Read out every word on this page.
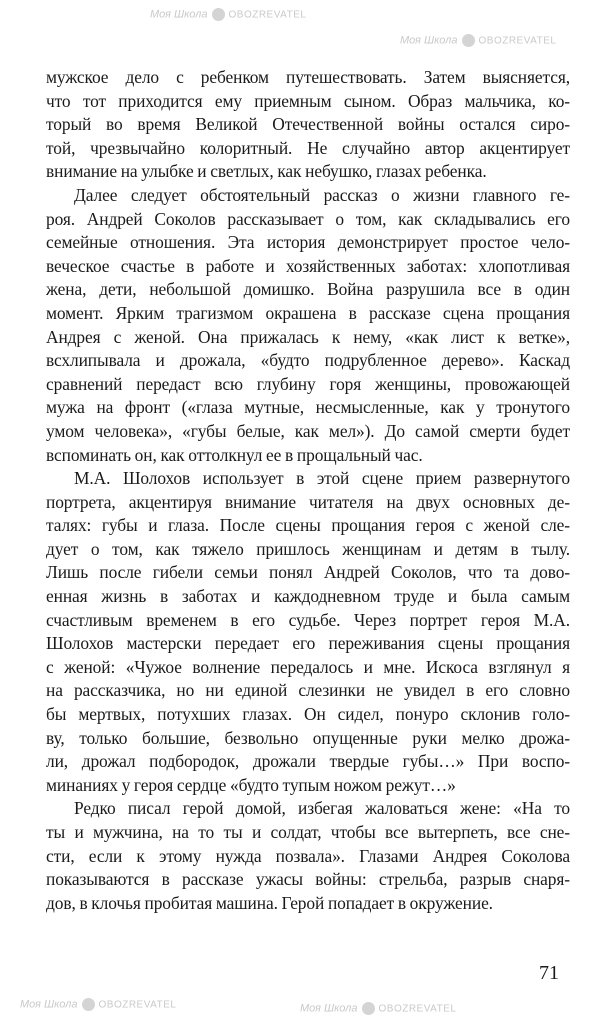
Моя Школа OBOZREVATEL
Моя Школа OBOZREVATEL
Моя Школа OBOZREVATEL	Моя Школа OBOZREVATEL
мужское дело с ребенком путешествовать. Затем выясняется,
что тот приходится ему приемным сыном. Образ мальчика, ко-
торый во время Великой Отечественной войны остался сиро-
той, чрезвычайно колоритный. Не случайно автор акцентирует
внимание на улыбке и светлых, как небушко, глазах ребенка.
Далее следует обстоятельный рассказ о жизни главного ге-
роя. Андрей Соколов рассказывает о том, как складывались его
семейные отношения. Эта история демонстрирует простое чело-
веческое счастье в работе и хозяйственных заботах: хлопотливая
жена, дети, небольшой домишко. Война разрушила все в один
момент. Ярким трагизмом окрашена в рассказе сцена прощания
Андрея с женой. Она прижалась к нему, «как лист к ветке»,
всхлипывала и дрожала, «будто подрубленное дерево». Каскад
сравнений передаст всю глубину горя женщины, провожающей
мужа на фронт («глаза мутные, несмысленные, как у тронутого
умом человека», «губы белые, как мел»). До самой смерти будет
вспоминать он, как оттолкнул ее в прощальный час.
М.А. Шолохов использует в этой сцене прием развернутого
портрета, акцентируя внимание читателя на двух основных де-
талях: губы и глаза. После сцены прощания героя с женой сле-
дует о том, как тяжело пришлось женщинам и детям в тылу.
Лишь после гибели семьи понял Андрей Соколов, что та дово-
енная жизнь в заботах и каждодневном труде и была самым
счастливым временем в его судьбе. Через портрет героя М.А.
Шолохов мастерски передает его переживания сцены прощания
с женой: «Чужое волнение передалось и мне. Искоса взглянул я
на рассказчика, но ни единой слезинки не увидел в его словно
бы мертвых, потухших глазах. Он сидел, понуро склонив голо-
ву, только большие, безвольно опущенные руки мелко дрожа-
ли, дрожал подбородок, дрожали твердые губы…» При воспо-
минаниях у героя сердце «будто тупым ножом режут…»
Редко писал герой домой, избегая жаловаться жене: «На то
ты и мужчина, на то ты и солдат, чтобы все вытерпеть, все сне-
сти, если к этому нужда позвала». Глазами Андрея Соколова
показываются в рассказе ужасы войны: стрельба, разрыв снаря-
дов, в клочья пробитая машина. Герой попадает в окружение.
71
